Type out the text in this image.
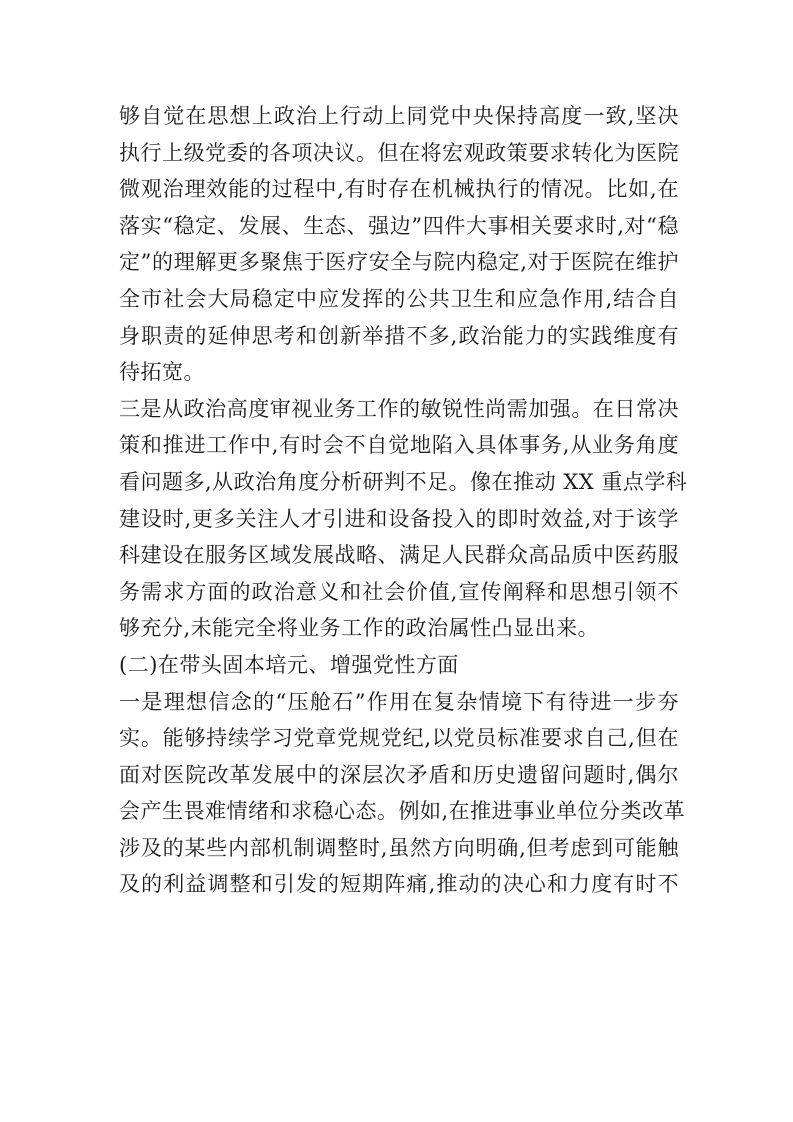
够自觉在思想上政治上行动上同党中央保持高度一致,坚决
执行上级党委的各项决议。但在将宏观政策要求转化为医院
微观治理效能的过程中,有时存在机械执行的情况。比如,在
落实“稳定、发展、生态、强边”四件大事相关要求时,对“稳
定”的理解更多聚焦于医疗安全与院内稳定,对于医院在维护
全市社会大局稳定中应发挥的公共卫生和应急作用,结合自
身职责的延伸思考和创新举措不多,政治能力的实践维度有
待拓宽。

三是从政治高度审视业务工作的敏锐性尚需加强。在日常决
策和推进工作中,有时会不自觉地陷入具体事务,从业务角度
看问题多,从政治角度分析研判不足。像在推动 XX 重点学科
建设时,更多关注人才引进和设备投入的即时效益,对于该学
科建设在服务区域发展战略、满足人民群众高品质中医药服
务需求方面的政治意义和社会价值,宣传阐释和思想引领不
够充分,未能完全将业务工作的政治属性凸显出来。

(二)在带头固本培元、增强党性方面

一是理想信念的“压舱石”作用在复杂情境下有待进一步夯
实。能够持续学习党章党规党纪,以党员标准要求自己,但在
面对医院改革发展中的深层次矛盾和历史遗留问题时,偶尔
会产生畏难情绪和求稳心态。例如,在推进事业单位分类改革
涉及的某些内部机制调整时,虽然方向明确,但考虑到可能触
及的利益调整和引发的短期阵痛,推动的决心和力度有时不
